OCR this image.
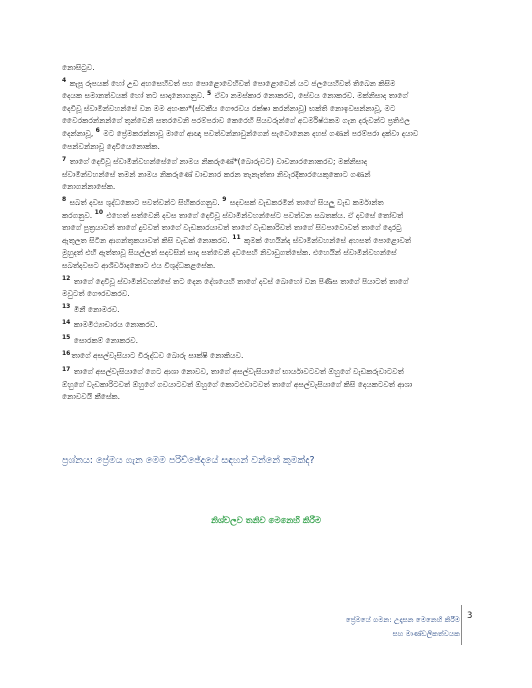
නොසිටුව.
$^4$ කැපූ රූපයක් හෝ උඩ අහසෙහිවත් පහ පොළොවෙහිවත් පොළොවෙන් යට ජලයෙහිවත් තිබෙන කිසිම
දෙයක සමානත්වයක් හෝ තට සාදානොගනුව. $^5$ ඒවා නමස්කාර නොකරව, සේවය නොකරව. මක්නිසාද තාගේ
දෙවිවූ ස්වාමීන්වහන්සේ වන මම අහංකා*(ස්වකීය ගෞරවය රක්ෂා කරන්නාවූ) භක්ති නොඉවසන්නාවූ, මට
වෛරකරන්නන්ගේ තුන්වෙනි සතරවෙනි පරම්පරාව කෙරෙහි පියවරුන්ගේ අධර්මිෂ්ඨකම ගැන දරුවන්ට ප්‍රතිඵල
දෙන්නාවූ, $^6$ මට ප්‍රේමකරන්නාවූ මාගේ ආඥා පවත්වන්නාවුන්ගෙන් සැවොනෙන දහස් ගණන් පරම්පරා දක්වා දයාව
පෙන්වන්නාවූ දෙවියෙනොක්ක.
$^7$ තාගේ දෙවිවූ ස්වාමීන්වහන්සේගේ නාමය නිකරුණේ*(බොරුවට) වාචනාරනොකරව; මක්නිසාද
ස්වාමීන්වහන්සේ තමන් නාමය නිකරුණේ වාචනාර කරන තැනැත්තා නිවැරදිකාරයෙකුකොට ගණන්
නොගන්නාසේක.
$^8$ සබත් දවස ශුද්ධකොට පවත්වන්ට සිහිකරගනුව. $^9$ සදවසක් වැඩකරමින් තාගේ සියලු වැඩ කර්මාන්ත
කරගනුව. $^{10}$ එහෙත් සත්වෙනි දවස තාගේ දෙවිවූ ස්වාමීන්වහන්සේට පවත්වන සබතක්ය. ඒ දවසේ තෝවත්
තාගේ පුත්‍රයාවත් තාගේ දුවවත් තාගේ වැඩකාරයාවත් තාගේ වැඩකාරිවත් තාගේ සිවපාවොවත් තාගේ දොරටු
ඇතුලත සිටින ආගන්තුකයාවත් කිසි වැඩක් නොකරව. $^{11}$ කුමක් හෙයින්ද ස්වාමීන්වහන්සේ අහසත් පොළොවත්
මුහුදත් එහි ඇත්තාවූ සියල්ලත් සදවසින් සාදා සත්වෙනි දවසෙහි නිවාඩුගත්සේක. එහෙයින් ස්වාමීන්වහන්සේ
සබත්දවසට ආශිර්වාදකොට එය විශුද්ධකළසේක.
$^{12}$ තාගේ දෙවිවූ ස්වාමීන්වහන්සේ තට දෙන දේශයෙහි තාගේ දවස් බොහෝ වන පිණිස තාගේ පියාටත් තාගේ
මවුටත් ගෞරවකරව.
$^{13}$ මිනී නොමරව.
$^{14}$ කාමමිථ්‍යාචාරය නොකරව.
$^{15}$ සොරකම් නොකරව.
$^{16}$තාගේ අසල්වැසියාට විරුද්ධව බොරු සාක්ෂි නොකියව.
$^{17}$ තාගේ අසල්වැසියාගේ ගෙට ආශා නොවව, තාගේ අසල්වැසියාගේ භාර්යාවටවත් ඕහුගේ වැඩකරුවාටවත්
ඕහුගේ වැඩකාරිටවත් ඕහුගේ ගවයාටවත් ඕහුගේ කොටළුවාටවත් තාගේ අසල්වැසියාගේ කිසි දෙයකටවත් ආශා
නොවවයි කීසේක.
ප්‍රශ්නය: ප්‍රේමය ගැන මෙම පරිච්ඡේදයේ සඳහන් වන්නේ කුමක්ද?
නිශ්චලව තනිව මෙනෙහි කිරීම
ප්‍රේමයේ ගමන: උදෑසන මෙනෙහි කිරීම
සහ මාණ්ඩලිකත්ව‍යක
3
